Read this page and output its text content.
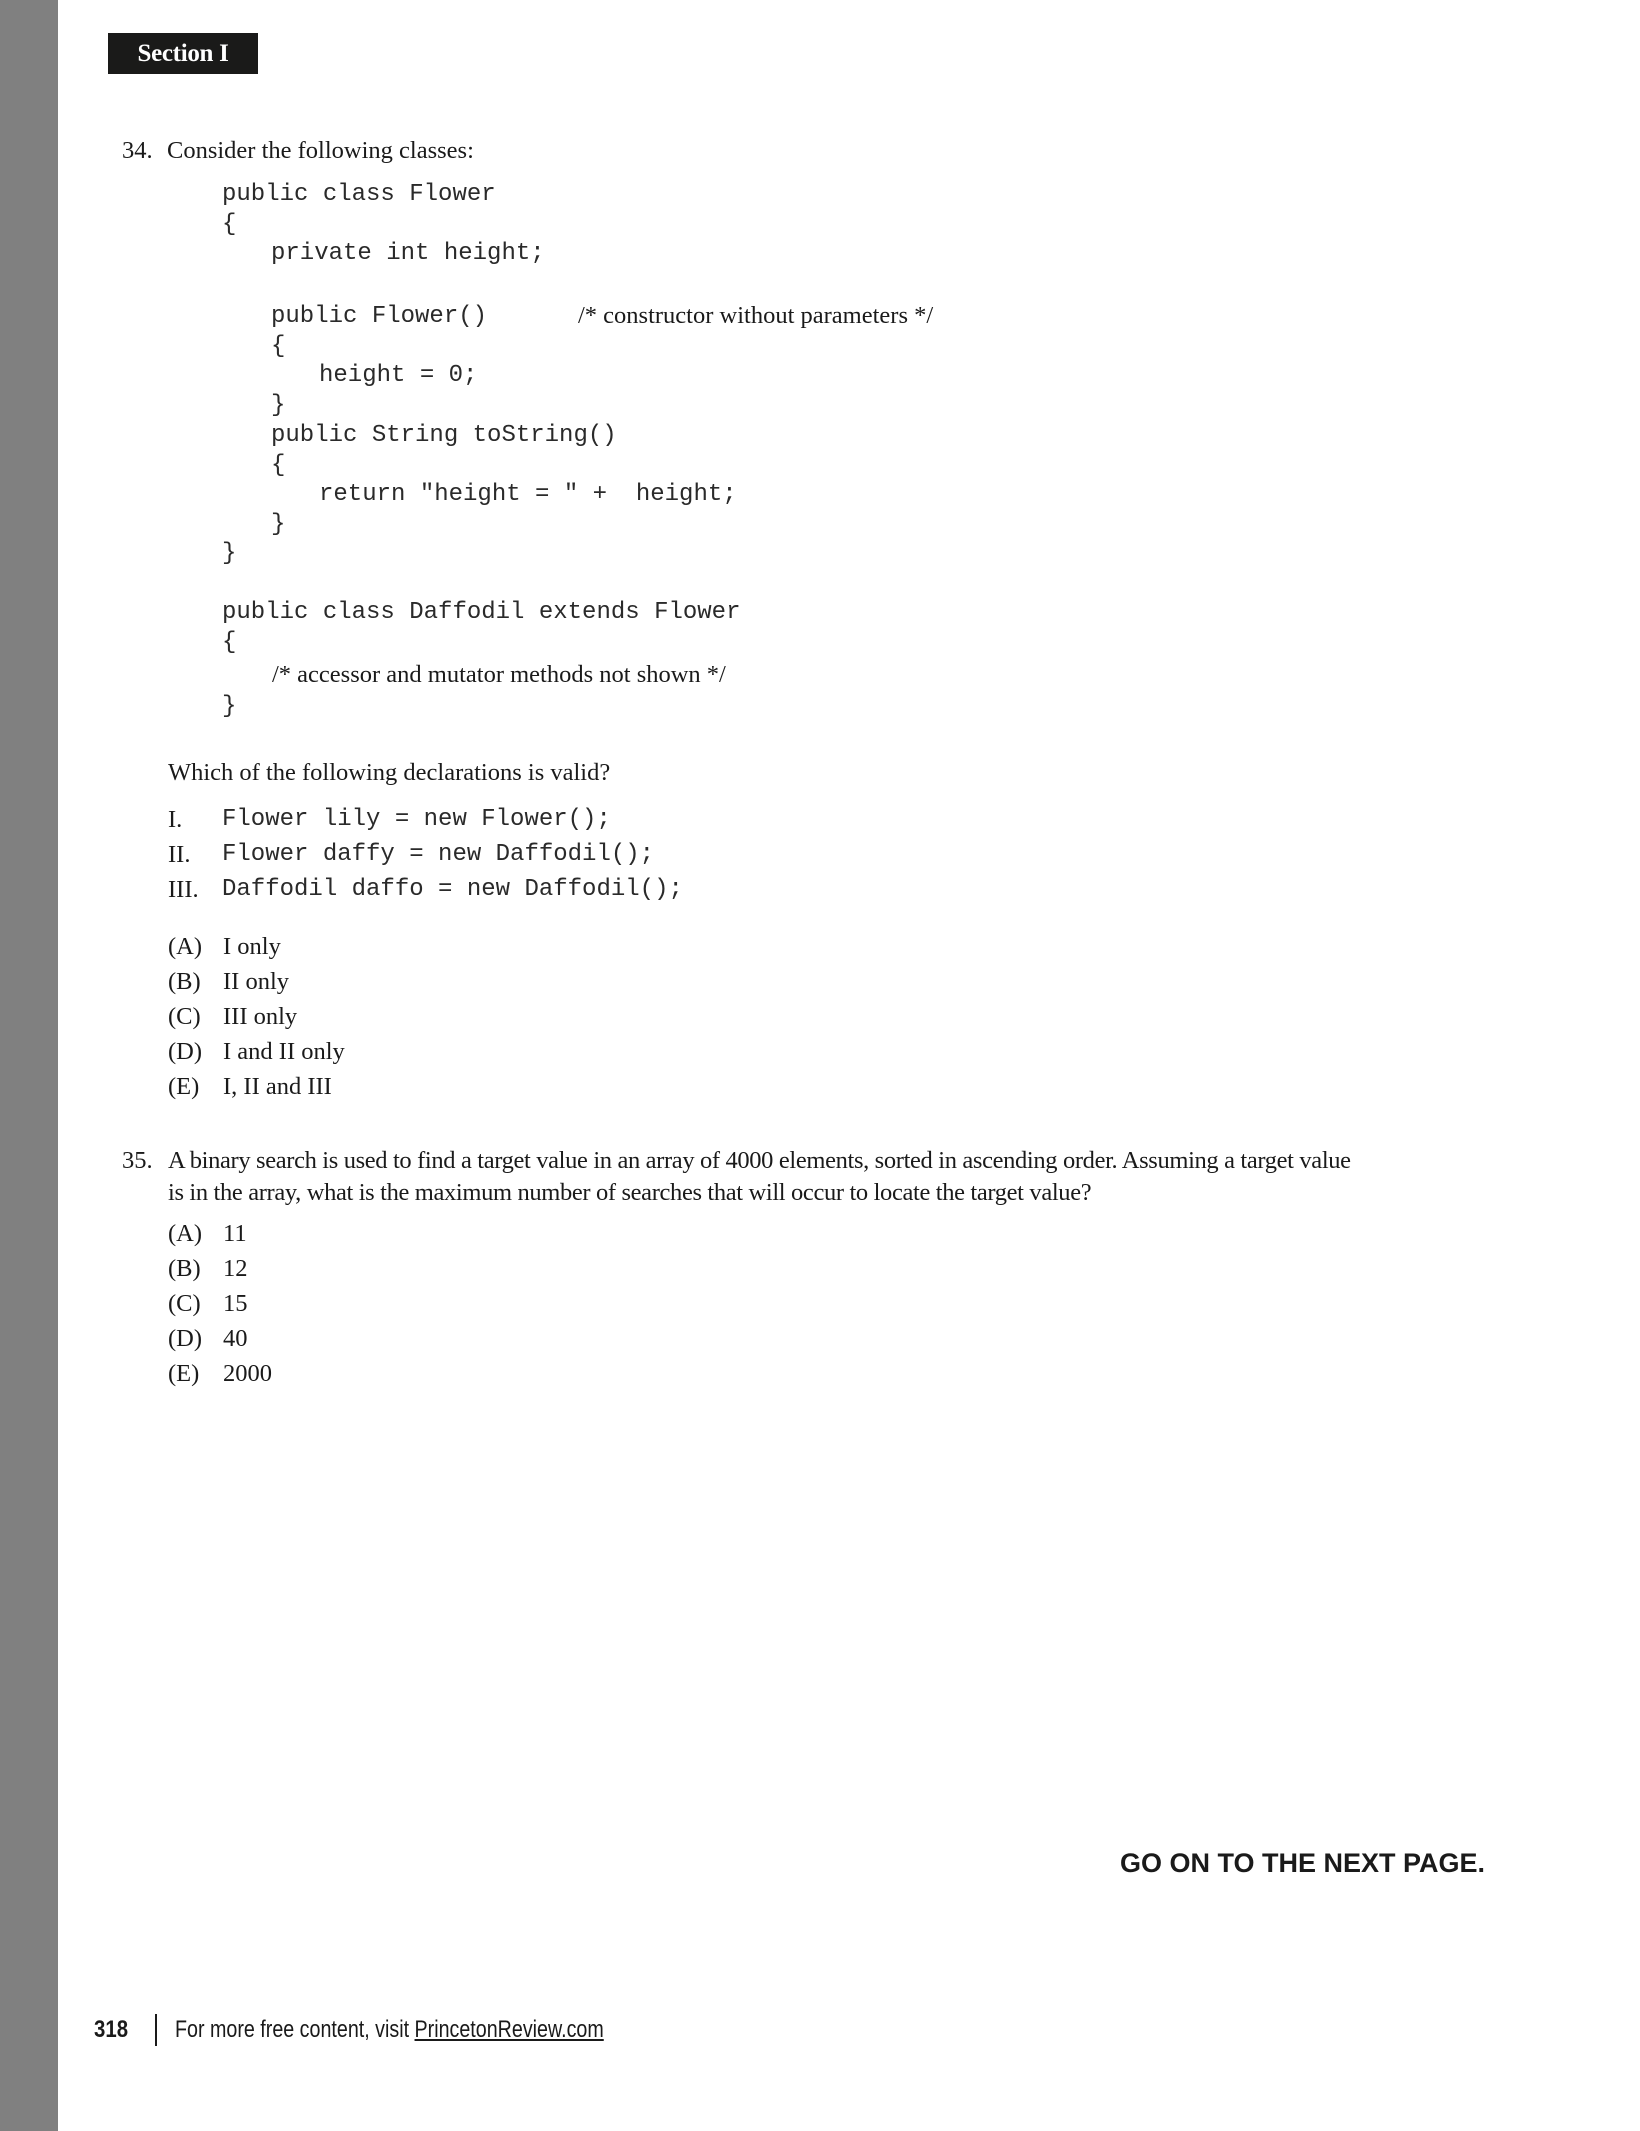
Section I
34. Consider the following classes:
public class Flower
{
private int height;
public Flower()	/* constructor without parameters */
{
height = 0;
}
public String toString()
{
return "height = " +  height;
}
}
public class Daffodil extends Flower
{
/* accessor and mutator methods not shown */
}
Which of the following declarations is valid?
I. Flower lily = new Flower();
II. Flower daffy = new Daffodil();
III. Daffodil daffo = new Daffodil();
(A) I only
(B) II only
(C) III only
(D) I and II only
(E) I, II and III
35. A binary search is used to find a target value in an array of 4000 elements, sorted in ascending order. Assuming a target value
is in the array, what is the maximum number of searches that will occur to locate the target value?
(A) 11
(B) 12
(C) 15
(D) 40
(E) 2000
GO ON TO THE NEXT PAGE.
318 For more free content, visit PrincetonReview.com
